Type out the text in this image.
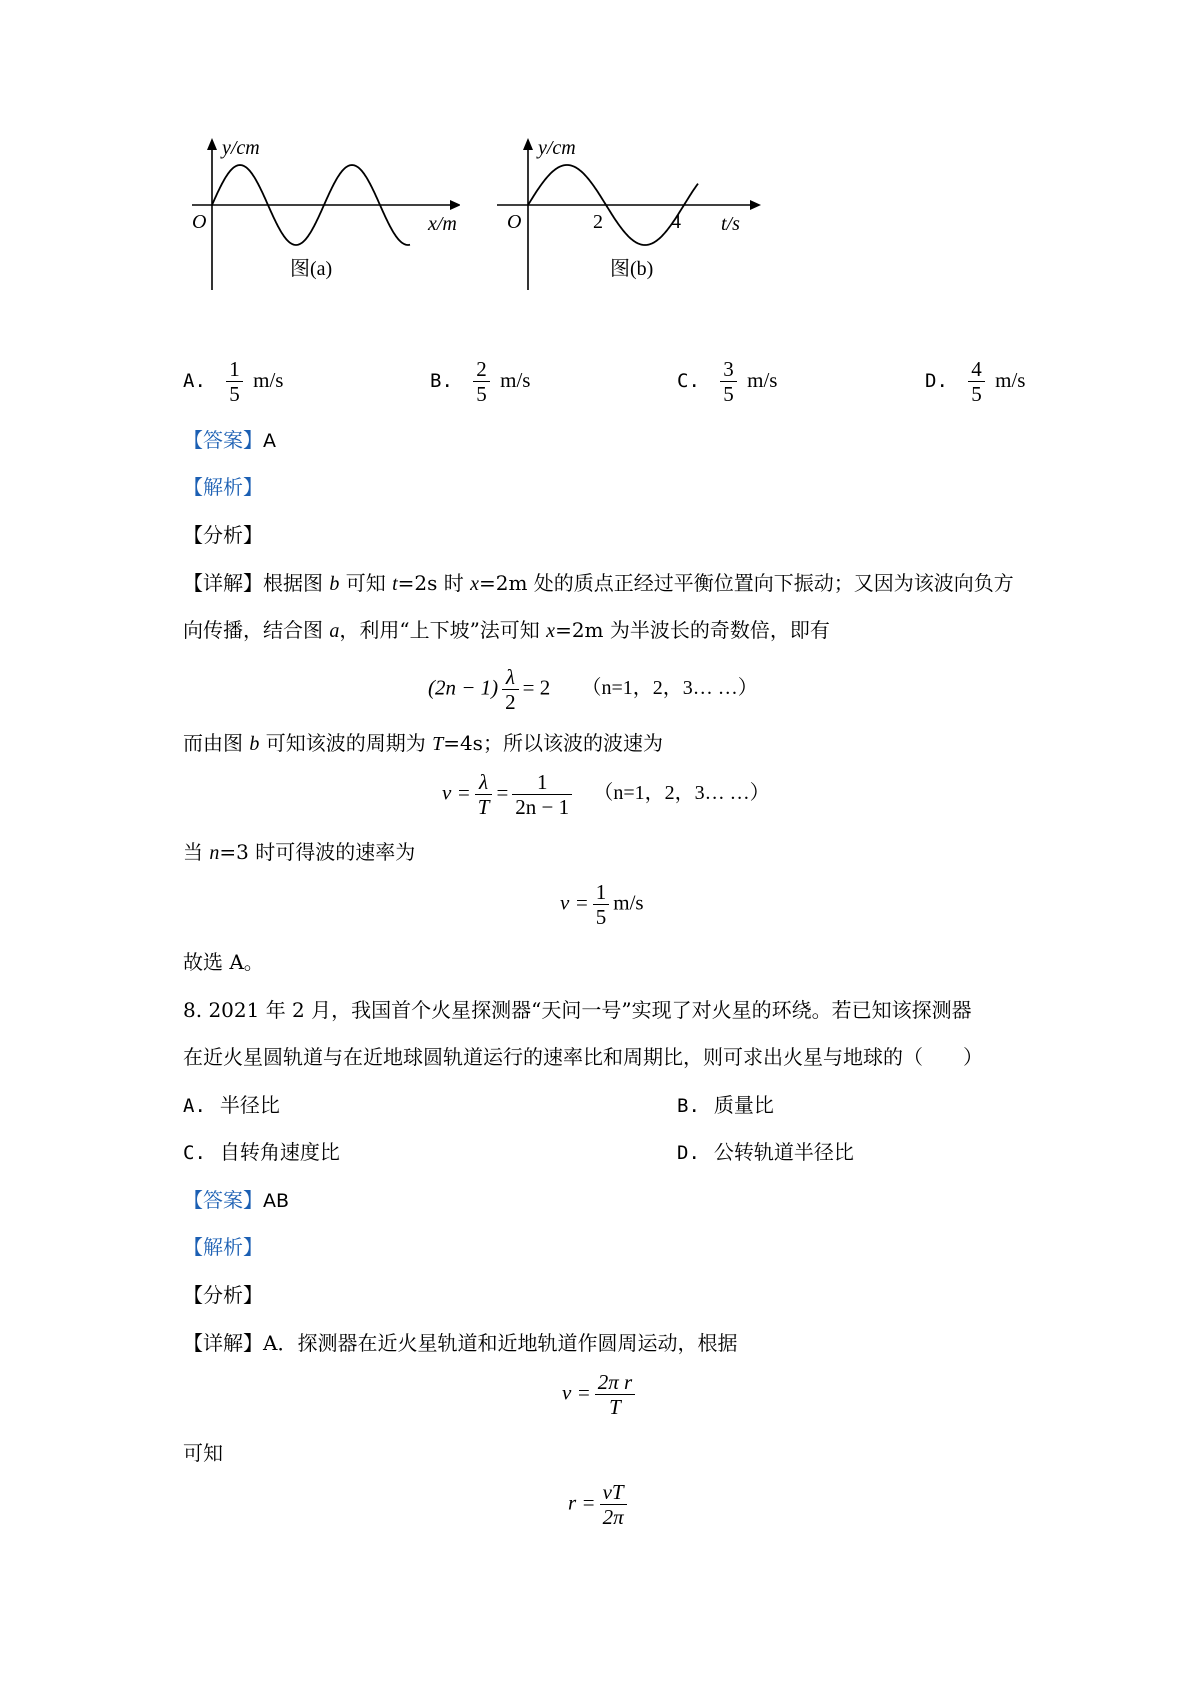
y/cm
O	x/m
图(a)
y/cm
O	2	4 t/s
图(b)
A. $\frac{1}{5} m/s$	B. $\frac{2}{5} m/s$	C. $\frac{3}{5} m/s$	D. $\frac{4}{5} m/s$
【答案】A
【解析】
【分析】
【详解】根据图 b 可知 t=2s 时 x=2m 处的质点正经过平衡位置向下振动；又因为该波向负方
向传播，结合图 a，利用“上下坡”法可知 x=2m 为半波长的奇数倍，即有
$(2n - 1) \frac{\lambda}{2} = 2$ （n=1，2，3… …）
而由图 b 可知该波的周期为 T=4s；所以该波的波速为
$v = \frac{\lambda}{T} = \frac{1}{2n - 1} (n=1$，2，3… …）
当 n=3 时可得波的速率为
$v = \frac{1}{5} m/s$
故选 A。
8. 2021 年 2 月，我国首个火星探测器“天问一号”实现了对火星的环绕。若已知该探测器
在近火星圆轨道与在近地球圆轨道运行的速率比和周期比，则可求出火星与地球的（　　）
A. 半径比	B. 质量比
C. 自转角速度比	D. 公转轨道半径比
【答案】AB
【解析】
【分析】
【详解】A．探测器在近火星轨道和近地轨道作圆周运动，根据
$v = \frac{\text{2π r}}{T}$
可知
$r = \frac{vT}{2\pi}$
